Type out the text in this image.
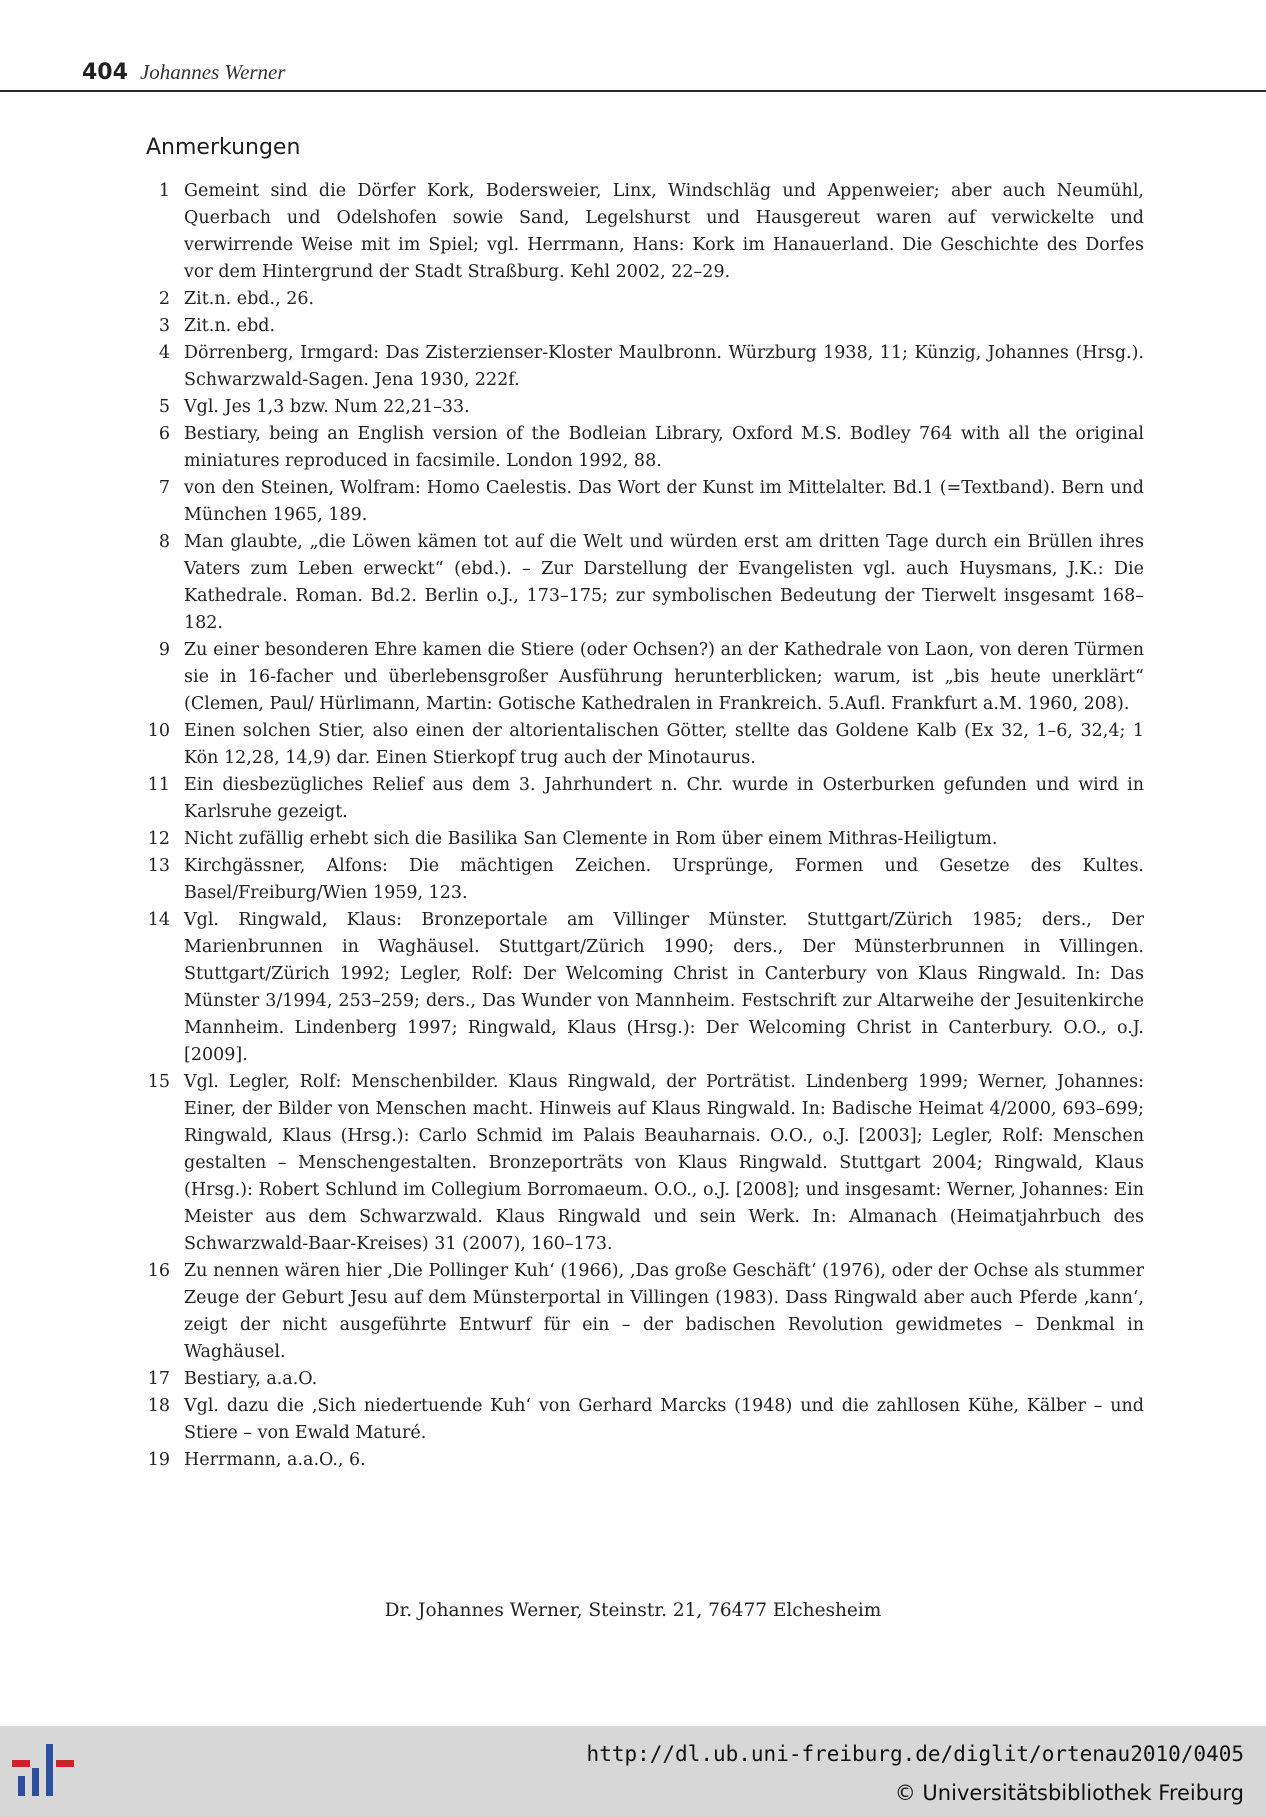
404 Johannes Werner
Anmerkungen
1 Gemeint sind die Dörfer Kork, Bodersweier, Linx, Windschläg und Appenweier; aber auch Neumühl, Querbach und Odelshofen sowie Sand, Legelshurst und Hausgereut waren auf verwickelte und verwirrende Weise mit im Spiel; vgl. Herrmann, Hans: Kork im Hanauerland. Die Geschichte des Dorfes vor dem Hintergrund der Stadt Straßburg. Kehl 2002, 22–29.
2 Zit.n. ebd., 26.
3 Zit.n. ebd.
4 Dörrenberg, Irmgard: Das Zisterzienser-Kloster Maulbronn. Würzburg 1938, 11; Künzig, Johannes (Hrsg.). Schwarzwald-Sagen. Jena 1930, 222f.
5 Vgl. Jes 1,3 bzw. Num 22,21–33.
6 Bestiary, being an English version of the Bodleian Library, Oxford M.S. Bodley 764 with all the original miniatures reproduced in facsimile. London 1992, 88.
7 von den Steinen, Wolfram: Homo Caelestis. Das Wort der Kunst im Mittelalter. Bd.1 (=Textband). Bern und München 1965, 189.
8 Man glaubte, „die Löwen kämen tot auf die Welt und würden erst am dritten Tage durch ein Brüllen ihres Vaters zum Leben erweckt“ (ebd.). – Zur Darstellung der Evangelisten vgl. auch Huysmans, J.K.: Die Kathedrale. Roman. Bd.2. Berlin o.J., 173–175; zur symbolischen Bedeutung der Tierwelt insgesamt 168–182.
9 Zu einer besonderen Ehre kamen die Stiere (oder Ochsen?) an der Kathedrale von Laon, von deren Türmen sie in 16-facher und überlebensgroßer Ausführung herunterblicken; warum, ist „bis heute unerklärt“ (Clemen, Paul/ Hürlimann, Martin: Gotische Kathedralen in Frankreich. 5.Aufl. Frankfurt a.M. 1960, 208).
10 Einen solchen Stier, also einen der altorientalischen Götter, stellte das Goldene Kalb (Ex 32, 1–6, 32,4; 1 Kön 12,28, 14,9) dar. Einen Stierkopf trug auch der Minotaurus.
11 Ein diesbezügliches Relief aus dem 3. Jahrhundert n. Chr. wurde in Osterburken gefunden und wird in Karlsruhe gezeigt.
12 Nicht zufällig erhebt sich die Basilika San Clemente in Rom über einem Mithras-Heiligtum.
13 Kirchgässner, Alfons: Die mächtigen Zeichen. Ursprünge, Formen und Gesetze des Kultes. Basel/Freiburg/Wien 1959, 123.
14 Vgl. Ringwald, Klaus: Bronzeportale am Villinger Münster. Stuttgart/Zürich 1985; ders., Der Marienbrunnen in Waghäusel. Stuttgart/Zürich 1990; ders., Der Münsterbrunnen in Villingen. Stuttgart/Zürich 1992; Legler, Rolf: Der Welcoming Christ in Canterbury von Klaus Ringwald. In: Das Münster 3/1994, 253–259; ders., Das Wunder von Mannheim. Festschrift zur Altarweihe der Jesuitenkirche Mannheim. Lindenberg 1997; Ringwald, Klaus (Hrsg.): Der Welcoming Christ in Canterbury. O.O., o.J. [2009].
15 Vgl. Legler, Rolf: Menschenbilder. Klaus Ringwald, der Porträtist. Lindenberg 1999; Werner, Johannes: Einer, der Bilder von Menschen macht. Hinweis auf Klaus Ringwald. In: Badische Heimat 4/2000, 693–699; Ringwald, Klaus (Hrsg.): Carlo Schmid im Palais Beauharnais. O.O., o.J. [2003]; Legler, Rolf: Menschen gestalten – Menschengestalten. Bronzeporträts von Klaus Ringwald. Stuttgart 2004; Ringwald, Klaus (Hrsg.): Robert Schlund im Collegium Borromaeum. O.O., o.J. [2008]; und insgesamt: Werner, Johannes: Ein Meister aus dem Schwarzwald. Klaus Ringwald und sein Werk. In: Almanach (Heimatjahrbuch des Schwarzwald-Baar-Kreises) 31 (2007), 160–173.
16 Zu nennen wären hier ‚Die Pollinger Kuh‘ (1966), ‚Das große Geschäft‘ (1976), oder der Ochse als stummer Zeuge der Geburt Jesu auf dem Münsterportal in Villingen (1983). Dass Ringwald aber auch Pferde ‚kann‘, zeigt der nicht ausgeführte Entwurf für ein – der badischen Revolution gewidmetes – Denkmal in Waghäusel.
17 Bestiary, a.a.O.
18 Vgl. dazu die ‚Sich niedertuende Kuh‘ von Gerhard Marcks (1948) und die zahllosen Kühe, Kälber – und Stiere – von Ewald Maturé.
19 Herrmann, a.a.O., 6.
Dr. Johannes Werner, Steinstr. 21, 76477 Elchesheim
http://dl.ub.uni-freiburg.de/diglit/ortenau2010/0405
© Universitätsbibliothek Freiburg
